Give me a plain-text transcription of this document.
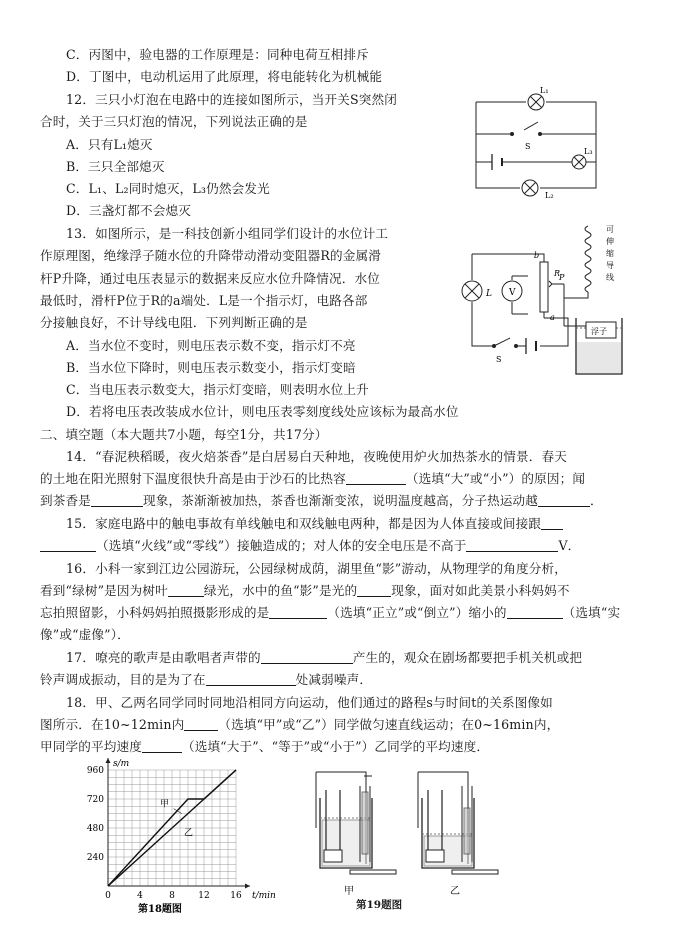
C．丙图中，验电器的工作原理是：同种电荷互相排斥
D．丁图中，电动机运用了此原理，将电能转化为机械能
12．三只小灯泡在电路中的连接如图所示，当开关S突然闭
合时，关于三只灯泡的情况，下列说法正确的是
A．只有L₁熄灭
B．三只全部熄灭
C．L₁、L₂同时熄灭，L₃仍然会发光
D．三盏灯都不会熄灭
13．如图所示，是一科技创新小组同学们设计的水位计工
作原理图，绝缘浮子随水位的升降带动滑动变阻器R的金属滑
杆P升降，通过电压表显示的数据来反应水位升降情况．水位
最低时，滑杆P位于R的a端处．L是一个指示灯，电路各部
分接触良好，不计导线电阻．下列判断正确的是
A．当水位不变时，则电压表示数不变，指示灯不亮
B．当水位下降时，则电压表示数变小，指示灯变暗
C．当电压表示数变大，指示灯变暗，则表明水位上升
D．若将电压表改装成水位计，则电压表零刻度线处应该标为最高水位
二、填空题（本大题共7小题，每空1分，共17分）
14．“春泥秧稻暖，夜火焙茶香”是白居易白天种地，夜晚使用炉火加热茶水的情景．春天
的土地在阳光照射下温度很快升高是由于沙石的比热容	（选填“大”或“小”）的原因；闻
到茶香是	现象，茶渐渐被加热，茶香也渐渐变浓，说明温度越高，分子热运动越	．
15．家庭电路中的触电事故有单线触电和双线触电两种，都是因为人体直接或间接跟
（选填“火线”或“零线”）接触造成的；对人体的安全电压是不高于	V．
16．小科一家到江边公园游玩，公园绿树成荫，湖里鱼“影”游动，从物理学的角度分析，
看到“绿树”是因为树叶	绿光，水中的鱼“影”是光的	现象，面对如此美景小科妈妈不
忘拍照留影，小科妈妈拍照摄影形成的是	（选填“正立”或“倒立”）缩小的	（选填“实
像”或“虚像”）．
17．嘹亮的歌声是由歌唱者声带的	产生的，观众在剧场都要把手机关机或把
铃声调成振动，目的是为了在	处减弱噪声．
18．甲、乙两名同学同时同地沿相同方向运动，他们通过的路程s与时间t的关系图像如
图所示．在10~12min内	（选填“甲”或“乙”）同学做匀速直线运动；在0~16min内，
甲同学的平均速度	（选填“大于”、“等于”或“小于”）乙同学的平均速度．
L₁
S
L₃
L₂
V
L
b
a
R
P
S
浮子
可
伸
缩
导
线
0	4	8	12 16
240
480
720
960
t/min
s/m
甲
乙
第18题图
甲	乙
第19题图
